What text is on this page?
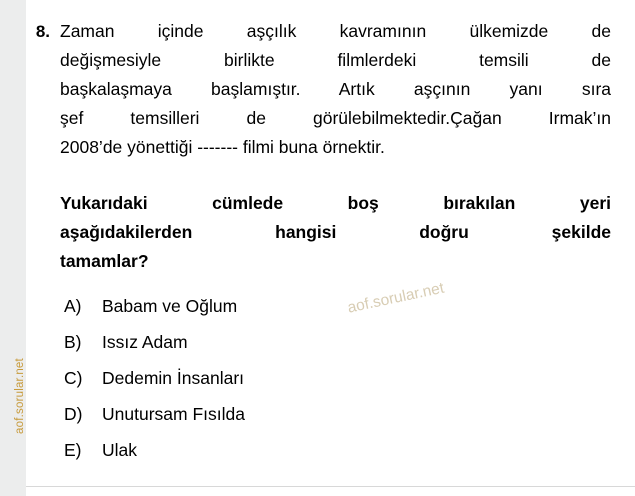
aof.sorular.net
8. Zaman içinde aşçılık kavramının ülkemizde de
değişmesiyle birlikte filmlerdeki temsili de
başkalaşmaya başlamıştır. Artık aşçının yanı sıra
şef temsilleri de görülebilmektedir.Çağan Irmak’ın
2008’de yönettiği ------- filmi buna örnektir.
Yukarıdaki cümlede boş bırakılan yeri
aşağıdakilerden hangisi doğru şekilde
tamamlar?
A)	Babam ve Oğlum
B)	Issız Adam
C)	Dedemin İnsanları
D)	Unutursam Fısılda
E)	Ulak
aof.sorular.net
